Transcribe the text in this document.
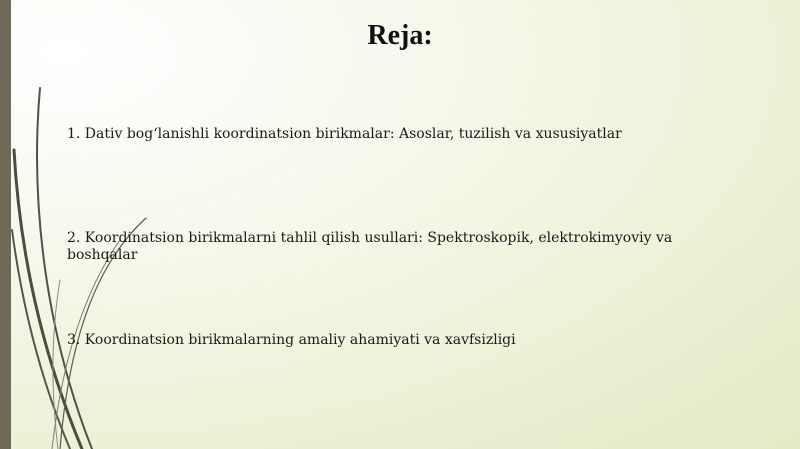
Reja:

1. Dativ bog‘lanishli koordinatsion birikmalar: Asoslar, tuzilish va xususiyatlar

2. Koordinatsion birikmalarni tahlil qilish usullari: Spektroskopik, elektrokimyoviy va boshqalar

3. Koordinatsion birikmalarning amaliy ahamiyati va xavfsizligi
